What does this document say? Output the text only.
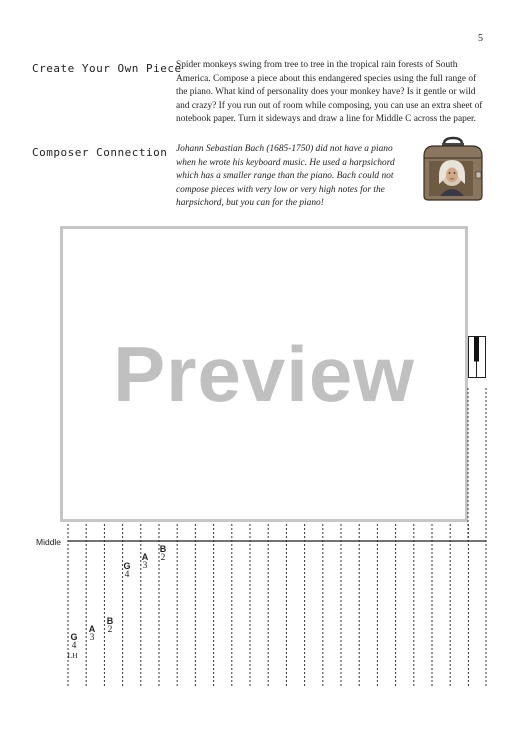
5
Create Your Own Piece
Spider monkeys swing from tree to tree in the tropical rain forests of South America. Compose a piece about this endangered species using the full range of the piano. What kind of personality does your monkey have? Is it gentle or wild and crazy? If you run out of room while composing, you can use an extra sheet of notebook paper. Turn it sideways and draw a line for Middle C across the paper.
Composer Connection Johann Sebastian Bach (1685-1750) did not have a piano when he wrote his keyboard music. He used a harpsichord which has a smaller range than the piano. Bach could not compose pieces with very low or very high notes for the harpsichord, but you can for the piano!
Preview
Middle
G
4
LH
A
3
B
2
G
4
A
3
B
2
